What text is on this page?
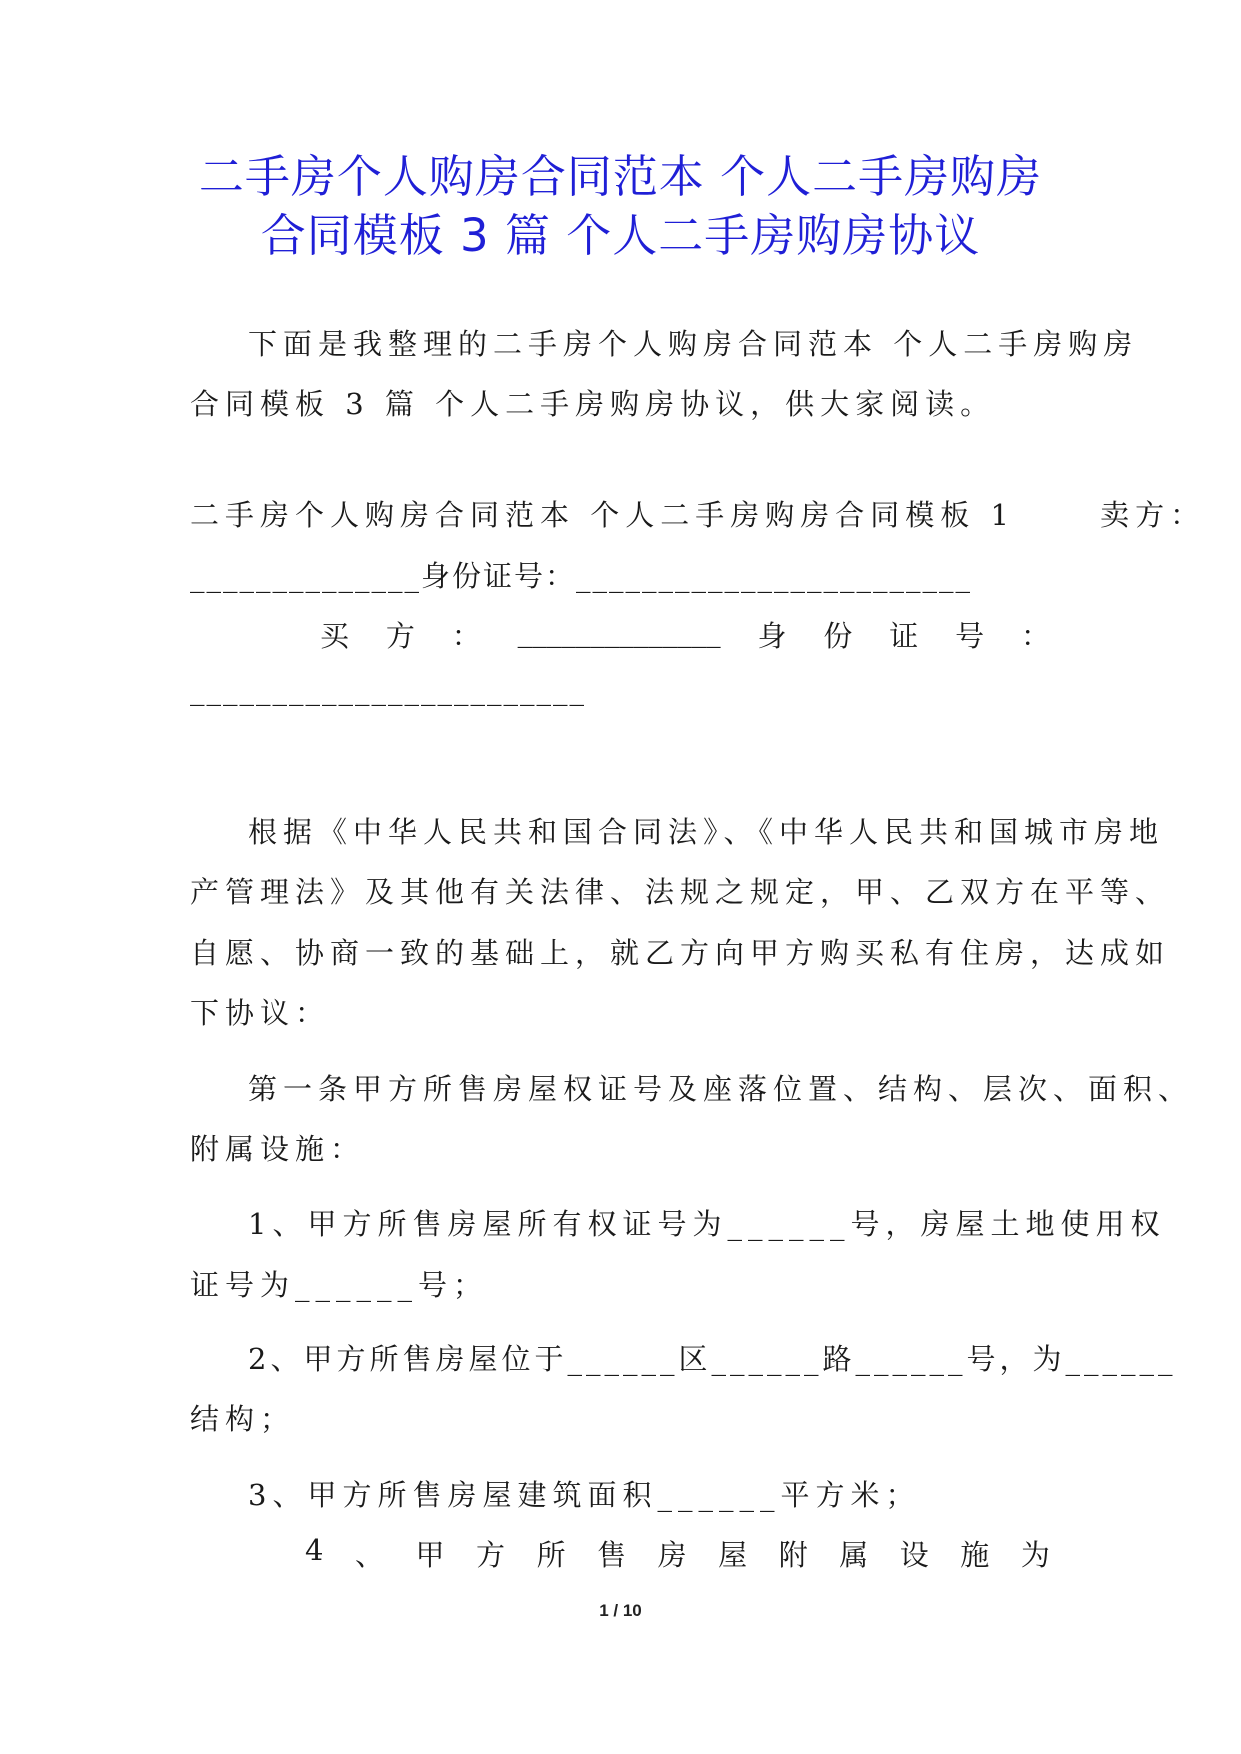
二手房个人购房合同范本 个人二手房购房
合同模板 3 篇 个人二手房购房协议
下面是我整理的二手房个人购房合同范本 个人二手房购房
合同模板 3 篇 个人二手房购房协议，供大家阅读。
二手房个人购房合同范本 个人二手房购房合同模板 1 　　卖方：
______________身份证号：________________________
买 方 ： ______________ 身 份 证 号 ：
________________________
根据《中华人民共和国合同法》、《中华人民共和国城市房地
产管理法》及其他有关法律、法规之规定，甲、乙双方在平等、
自愿、协商一致的基础上，就乙方向甲方购买私有住房，达成如
下协议：
第一条甲方所售房屋权证号及座落位置、结构、层次、面积、
附属设施：
1、甲方所售房屋所有权证号为______号，房屋土地使用权
证号为______号；
2、甲方所售房屋位于______区______路______号，为______
结构；
3、甲方所售房屋建筑面积______平方米；
4 、 甲 方 所 售 房 屋 附 属 设 施 为
1 / 10
